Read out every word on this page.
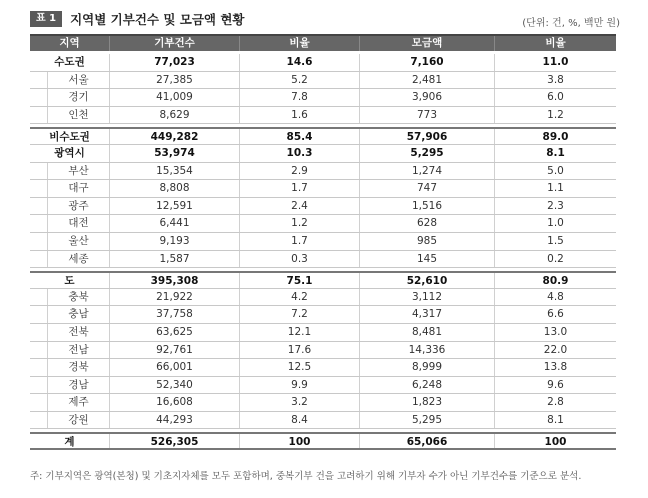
표 1	지역별 기부건수 및 모금액 현황	(단위: 건, %, 백만 원)
지역	기부건수	비율	모금액	비율
수도권	77,023	14.6	7,160	11.0
서울	27,385	5.2	2,481	3.8
경기	41,009	7.8	3,906	6.0
인천	8,629	1.6	773	1.2
비수도권	449,282	85.4	57,906	89.0
광역시	53,974	10.3	5,295	8.1
부산	15,354	2.9	1,274	5.0
대구	8,808	1.7	747	1.1
광주	12,591	2.4	1,516	2.3
대전	6,441	1.2	628	1.0
울산	9,193	1.7	985	1.5
세종	1,587	0.3	145	0.2
도	395,308	75.1	52,610	80.9
충북	21,922	4.2	3,112	4.8
충남	37,758	7.2	4,317	6.6
전북	63,625	12.1	8,481	13.0
전남	92,761	17.6	14,336	22.0
경북	66,001	12.5	8,999	13.8
경남	52,340	9.9	6,248	9.6
제주	16,608	3.2	1,823	2.8
강원	44,293	8.4	5,295	8.1
계	526,305	100	65,066	100
주: 기부지역은 광역(본청) 및 기초지자체를 모두 포함하며, 중복기부 건을 고려하기 위해 기부자 수가 아닌 기부건수를 기준으로 분석.
